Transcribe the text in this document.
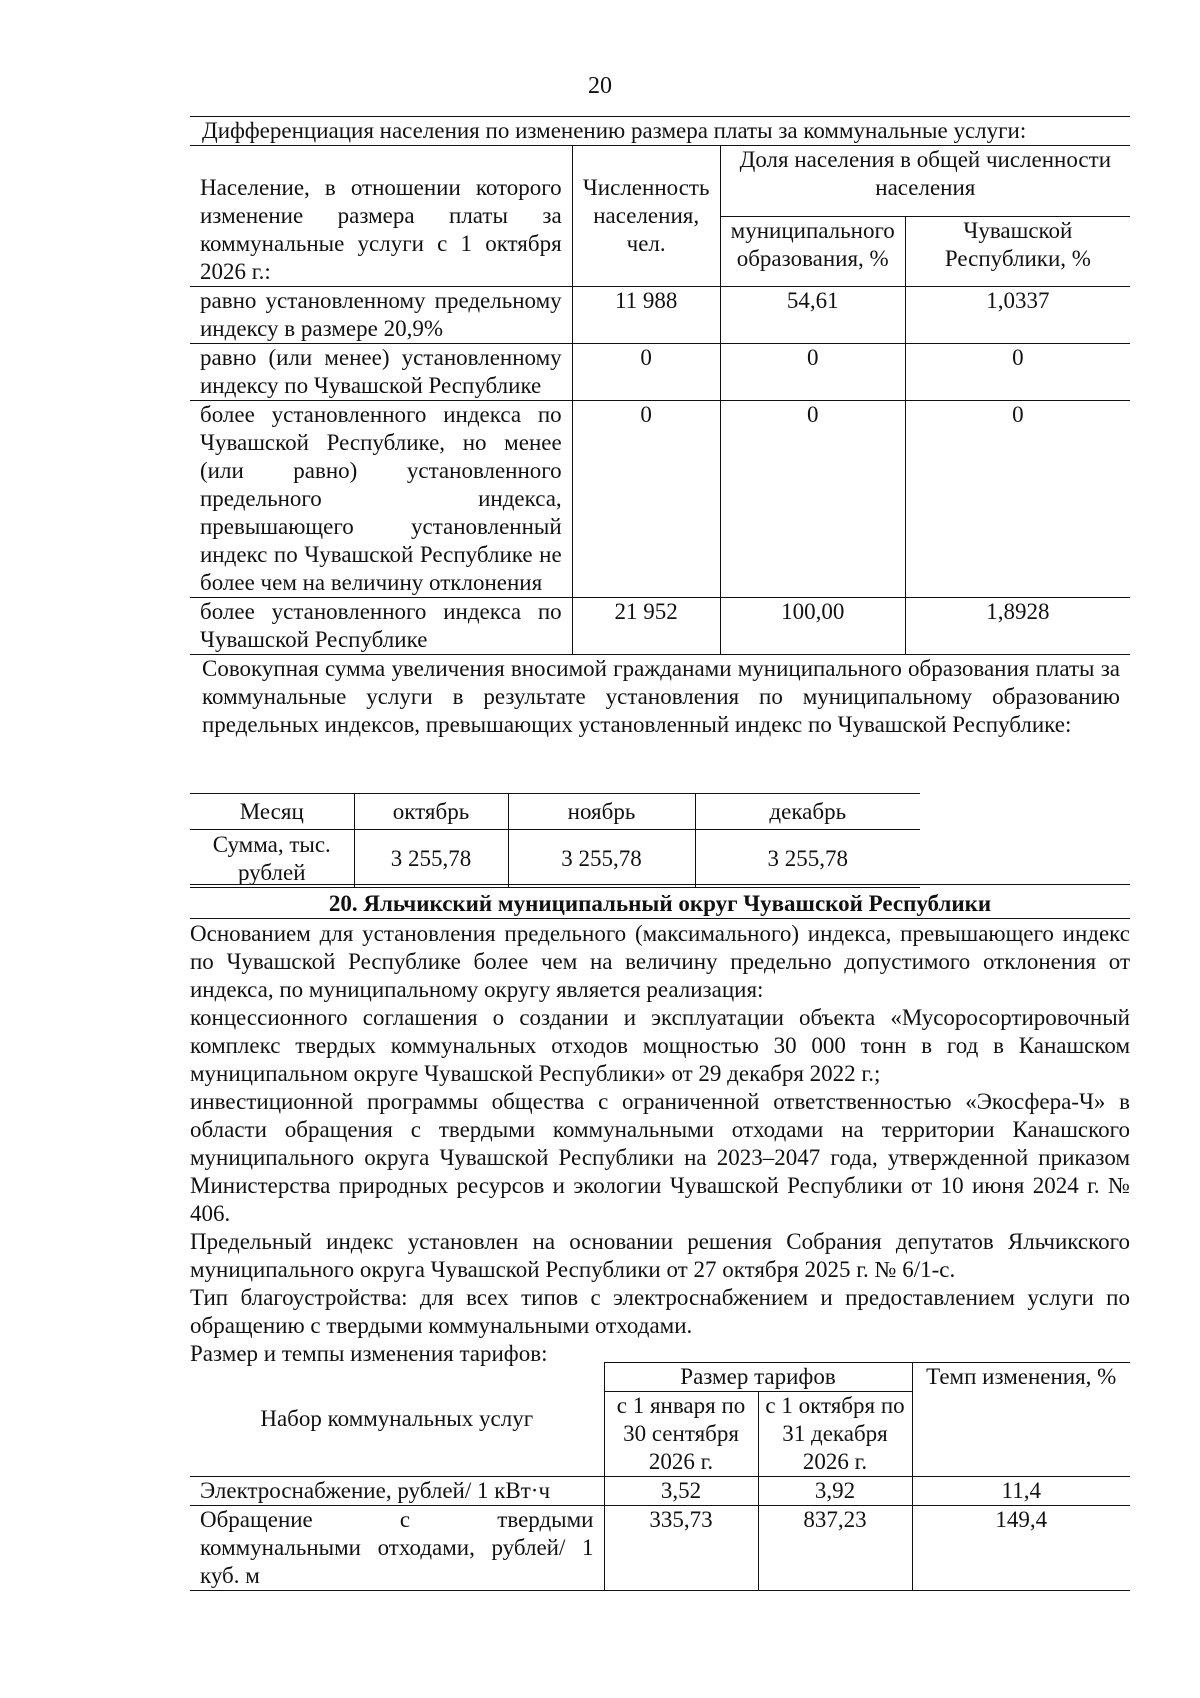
20
Дифференциация населения по изменению размера платы за коммунальные услуги:
Население, в отношении которого изменение размера платы за коммунальные услуги с 1 октября 2026 г.:	Численность населения, чел.	Доля населения в общей численности населения	
		муниципального образования, %	Чувашской Республики, %
равно установленному предельному индексу в размере 20,9%	11 988	54,61	1,0337
равно (или менее) установленному индексу по Чувашской Республике	0	0	0
более установленного индекса по Чувашской Республике, но менее (или равно) установленного предельного индекса, превышающего установленный индекс по Чувашской Республике не более чем на величину отклонения	0	0	0
более установленного индекса по Чувашской Республике	21 952	100,00	1,8928
Совокупная сумма увеличения вносимой гражданами муниципального образования платы за коммунальные услуги в результате установления по муниципальному образованию предельных индексов, превышающих установленный индекс по Чувашской Республике:			
Месяц	октябрь	ноябрь	декабрь
Сумма, тыс. рублей	3 255,78	3 255,78	3 255,78
20. Яльчикский муниципальный округ Чувашской Республики

Основанием для установления предельного (максимального) индекса, превышающего индекс по Чувашской Республике более чем на величину предельно допустимого отклонения от индекса, по муниципальному округу является реализация:

концессионного соглашения о создании и эксплуатации объекта «Мусоросортировочный комплекс твердых коммунальных отходов мощностью 30 000 тонн в год в Канашском муниципальном округе Чувашской Республики» от 29 декабря 2022 г.;

инвестиционной программы общества с ограниченной ответственностью «Экосфера-Ч» в области обращения с твердыми коммунальными отходами на территории Канашского муниципального округа Чувашской Республики на 2023–2047 года, утвержденной приказом Министерства природных ресурсов и экологии Чувашской Республики от 10 июня 2024 г. № 406.

Предельный индекс установлен на основании решения Собрания депутатов Яльчикского муниципального округа Чувашской Республики от 27 октября 2025 г. № 6/1-с.

Тип благоустройства: для всех типов с электроснабжением и предоставлением услуги по обращению с твердыми коммунальными отходами.

Размер и темпы изменения тарифов:

Набор коммунальных услуг	Размер тарифов		Темп изменения, %
	с 1 января по 30 сентября 2026 г.	с 1 октября по 31 декабря 2026 г.	
Электроснабжение, рублей/ 1 кВт·ч	3,52	3,92	11,4
Обращение с твердыми коммунальными отходами, рублей/ 1 куб. м	335,73	837,23	149,4
